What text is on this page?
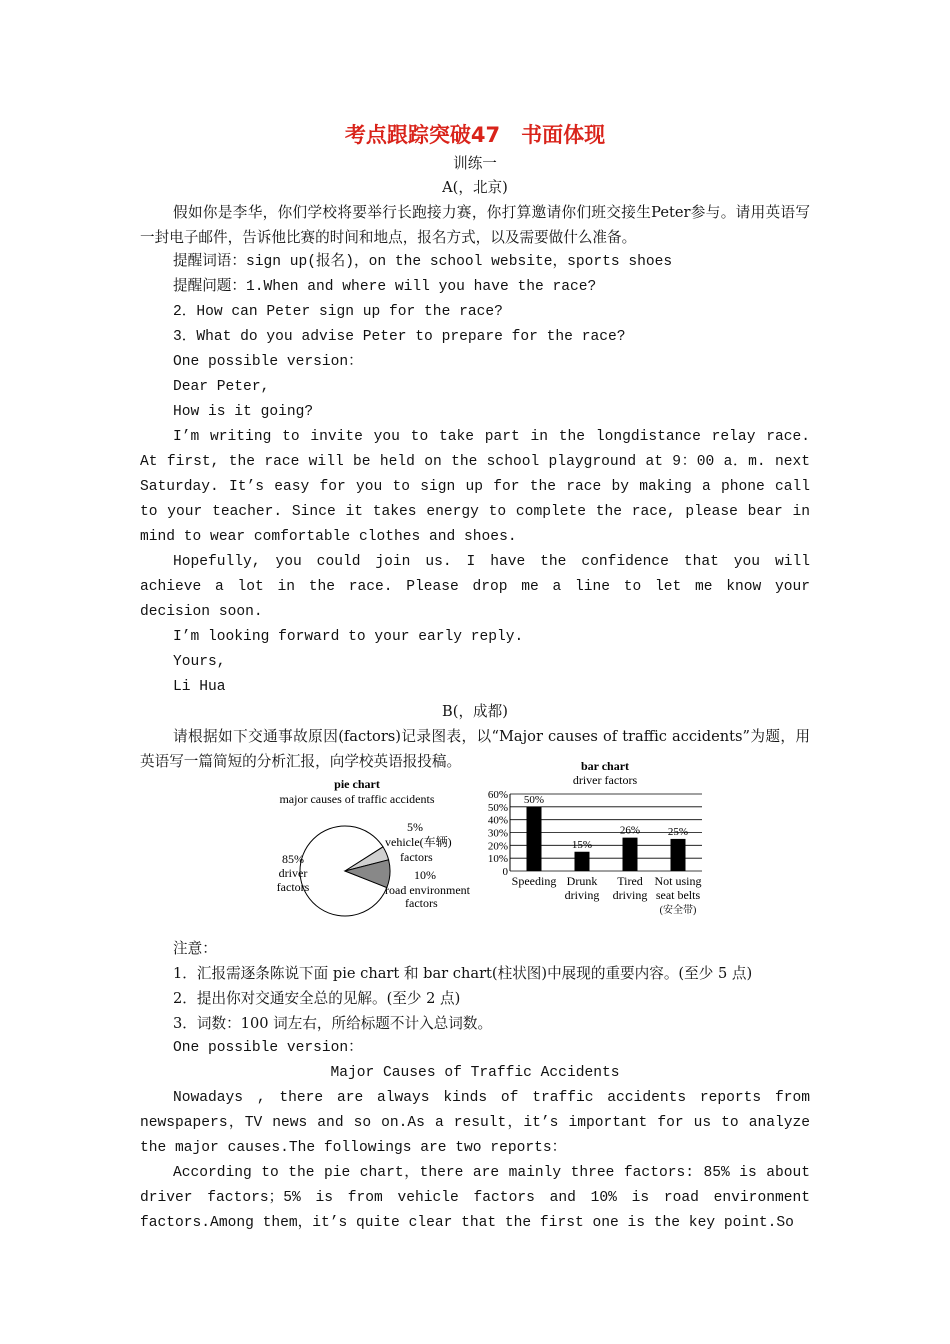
考点跟踪突破47　书面体现
训练一
A(，北京)
假如你是李华，你们学校将要举行长跑接力赛，你打算邀请你们班交接生Peter参与。请用英语写一封电子邮件，告诉他比赛的时间和地点，报名方式，以及需要做什么准备。
提醒词语：sign up(报名)，on the school website，sports shoes
提醒问题：1.When and where will you have the race?
2．How can Peter sign up for the race?
3．What do you advise Peter to prepare for the race?
One possible version：
Dear Peter,
How is it going?
I’m writing to invite you to take part in the longdistance relay race. At first, the race will be held on the school playground at 9：00 a．m. next Saturday. It’s easy for you to sign up for the race by making a phone call to your teacher. Since it takes energy to complete the race, please bear in mind to wear comfortable clothes and shoes.
Hopefully, you could join us. I have the confidence that you will achieve a lot in the race. Please drop me a line to let me know your decision soon.
I’m looking forward to your early reply.
Yours,
Li Hua
B(，成都)
请根据如下交通事故原因(factors)记录图表，以“Major causes of traffic accidents”为题，用英语写一篇简短的分析汇报，向学校英语报投稿。
pie chart
major causes of traffic accidents
85%
driver
factors
5%
vehicle(车辆)
factors
10%
road environment
factors
bar chart
driver factors
0
10%
20%
30%
40%
50%
60% 50%
Speeding
15%
Drunk
driving
26%
Tired
driving
25%
Not using
seat belts
(安全带)
注意：
1．汇报需逐条陈说下面 pie chart 和 bar chart(柱状图)中展现的重要内容。(至少 5 点)
2．提出你对交通安全总的见解。(至少 2 点)
3．词数：100 词左右，所给标题不计入总词数。
One possible version：
Major Causes of Traffic Accidents
Nowadays , there are always kinds of traffic accidents reports from newspapers，TV news and so on.As a result，it’s important for us to analyze the major causes.The followings are two reports：
According to the pie chart，there are mainly three factors: 85% is about driver factors；5% is from vehicle factors and 10% is road environment factors.Among them，it’s quite clear that the first one is the key point.So
